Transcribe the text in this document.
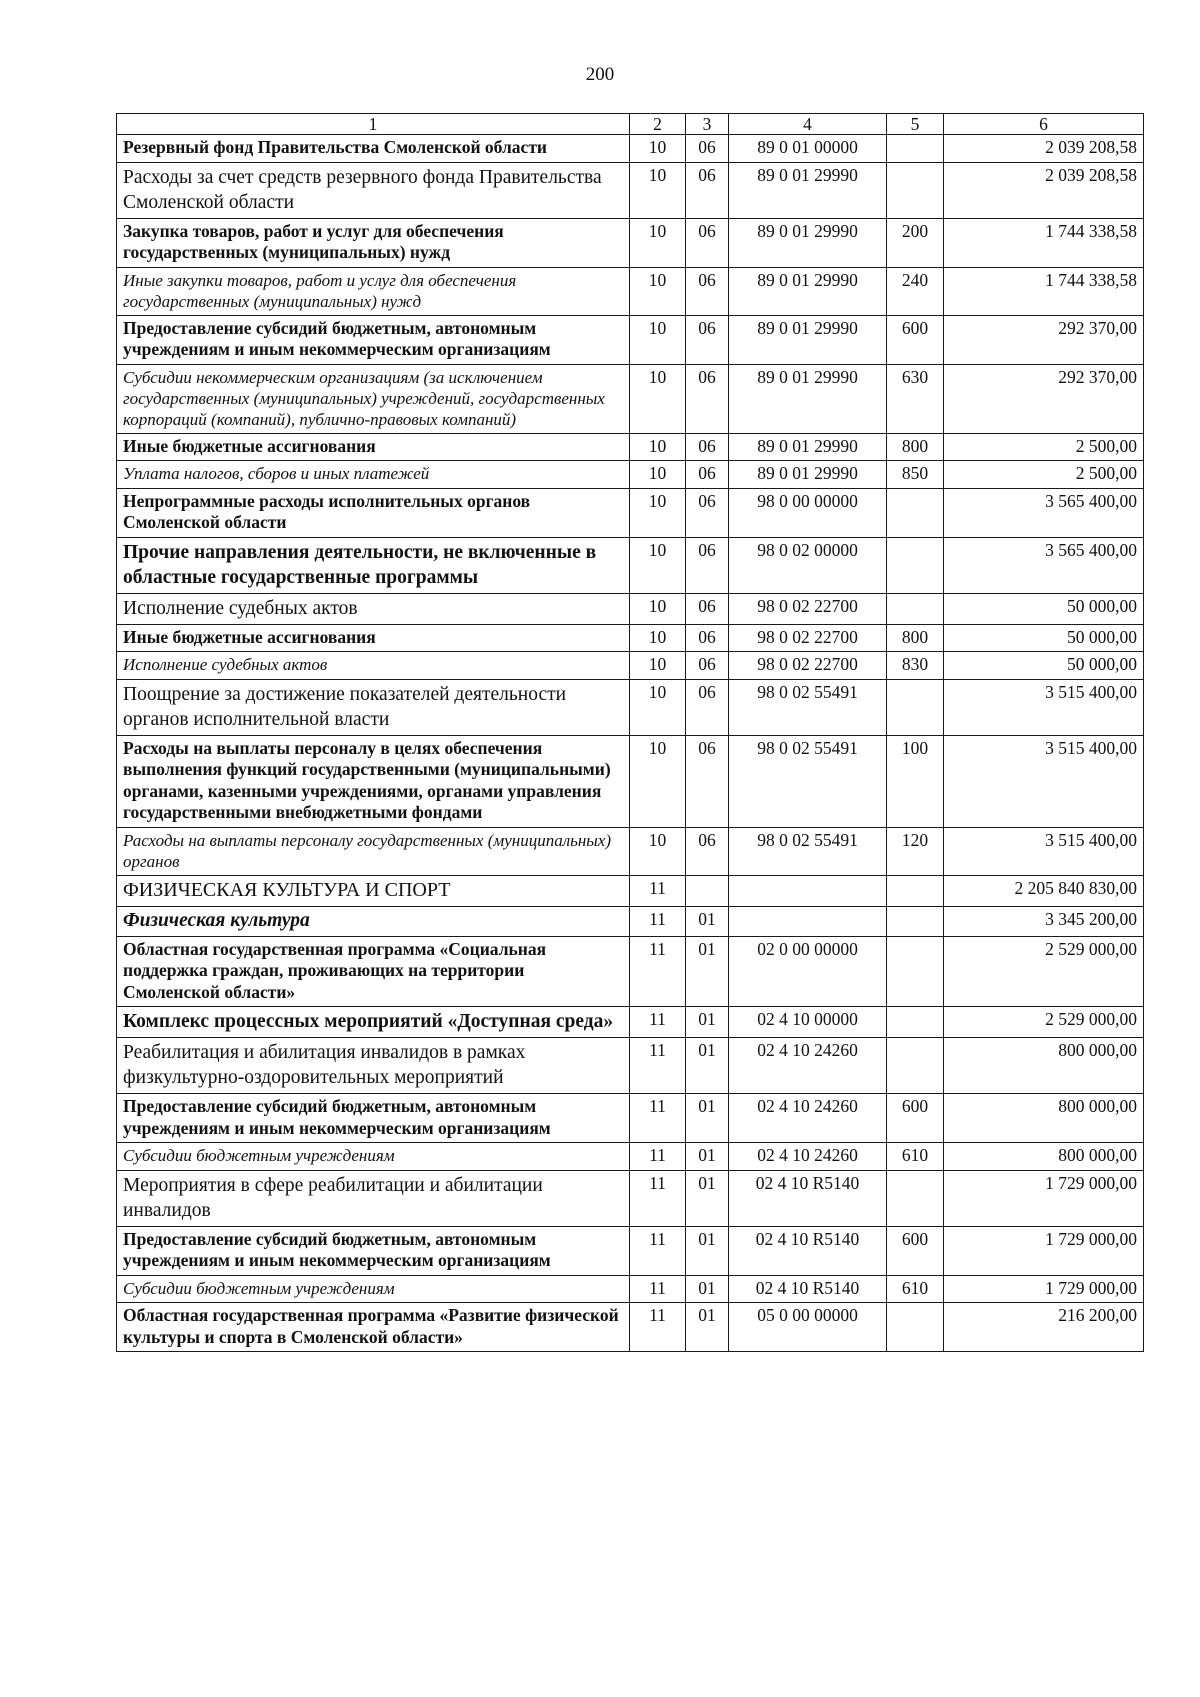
200
1	2	3	4	5	6
Резервный фонд Правительства Смоленской области	10	06	89 0 01 00000		2 039 208,58
Расходы за счет средств резервного фонда Правительства Смоленской области	10	06	89 0 01 29990		2 039 208,58
Закупка товаров, работ и услуг для обеспечения государственных (муниципальных) нужд	10	06	89 0 01 29990	200	1 744 338,58
Иные закупки товаров, работ и услуг для обеспечения государственных (муниципальных) нужд	10	06	89 0 01 29990	240	1 744 338,58
Предоставление субсидий бюджетным, автономным учреждениям и иным некоммерческим организациям	10	06	89 0 01 29990	600	292 370,00
Субсидии некоммерческим организациям (за исключением государственных (муниципальных) учреждений, государственных корпораций (компаний), публично-правовых компаний)	10	06	89 0 01 29990	630	292 370,00
Иные бюджетные ассигнования	10	06	89 0 01 29990	800	2 500,00
Уплата налогов, сборов и иных платежей	10	06	89 0 01 29990	850	2 500,00
Непрограммные расходы исполнительных органов Смоленской области	10	06	98 0 00 00000		3 565 400,00
Прочие направления деятельности, не включенные в областные государственные программы	10	06	98 0 02 00000		3 565 400,00
Исполнение судебных актов	10	06	98 0 02 22700		50 000,00
Иные бюджетные ассигнования	10	06	98 0 02 22700	800	50 000,00
Исполнение судебных актов	10	06	98 0 02 22700	830	50 000,00
Поощрение за достижение показателей деятельности органов исполнительной власти	10	06	98 0 02 55491		3 515 400,00
Расходы на выплаты персоналу в целях обеспечения выполнения функций государственными (муниципальными) органами, казенными учреждениями, органами управления государственными внебюджетными фондами	10	06	98 0 02 55491	100	3 515 400,00
Расходы на выплаты персоналу государственных (муниципальных) органов	10	06	98 0 02 55491	120	3 515 400,00
ФИЗИЧЕСКАЯ КУЛЬТУРА И СПОРТ	11				2 205 840 830,00
Физическая культура	11	01			3 345 200,00
Областная государственная программа «Социальная поддержка граждан, проживающих на территории Смоленской области»	11	01	02 0 00 00000		2 529 000,00
Комплекс процессных мероприятий «Доступная среда»	11	01	02 4 10 00000		2 529 000,00
Реабилитация и абилитация инвалидов в рамках физкультурно-оздоровительных мероприятий	11	01	02 4 10 24260		800 000,00
Предоставление субсидий бюджетным, автономным учреждениям и иным некоммерческим организациям	11	01	02 4 10 24260	600	800 000,00
Субсидии бюджетным учреждениям	11	01	02 4 10 24260	610	800 000,00
Мероприятия в сфере реабилитации и абилитации инвалидов	11	01	02 4 10 R5140		1 729 000,00
Предоставление субсидий бюджетным, автономным учреждениям и иным некоммерческим организациям	11	01	02 4 10 R5140	600	1 729 000,00
Субсидии бюджетным учреждениям	11	01	02 4 10 R5140	610	1 729 000,00
Областная государственная программа «Развитие физической культуры и спорта в Смоленской области»	11	01	05 0 00 00000		216 200,00
